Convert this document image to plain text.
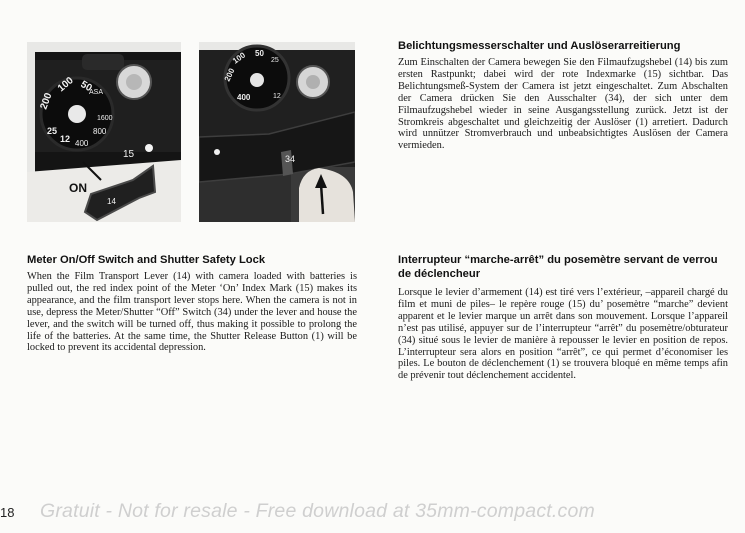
50
100
200
25
12
ASA
400
800
1600
15
14
ON
50
100
200
400
25
12
34
Belichtungsmesserschalter und Auslöserarreitierung

Zum Einschalten der Camera bewegen Sie den Filmaufzugshebel (14) bis zum ersten Rastpunkt; dabei wird der rote Indexmarke (15) sichtbar. Das Belichtungsmeß-System der Camera ist jetzt eingeschaltet. Zum Abschalten der Camera drücken Sie den Ausschalter (34), der sich unter dem Filmaufzugshebel wieder in seine Ausgangsstellung zurück. Jetzt ist der Stromkreis abgeschaltet und gleichzeitig der Auslöser (1) arretiert. Dadurch wird unnützer Stromverbrauch und unbeabsichtigtes Auslösen der Camera vermieden.

Meter On/Off Switch and Shutter Safety Lock

When the Film Transport Lever (14) with camera loaded with batteries is pulled out, the red index point of the Meter ‘On’ Index Mark (15) makes its appearance, and the film transport lever stops here. When the camera is not in use, depress the Meter/Shutter “Off” Switch (34) under the lever and house the lever, and the switch will be turned off, thus making it possible to prolong the life of the batteries. At the same time, the Shutter Release Button (1) will be locked to prevent its accidental depression.

Interrupteur “marche-arrêt” du posemètre servant de verrou de déclencheur

Lorsque le levier d’armement (14) est tiré vers l’extérieur, –appareil chargé du film et muni de piles– le repère rouge (15) du’ posemètre “marche” devient apparent et le levier marque un arrêt dans son mouvement. Lorsque l’appareil n’est pas utilisé, appuyer sur de l’interrupteur “arrêt” du posemètre/obturateur (34) situé sous le levier de manière à repousser le levier en position de repos. L’interrupteur sera alors en position “arrêt”, ce qui permet d’économiser les piles. Le bouton de déclenchement (1) se trouvera bloqué en même temps afin de prévenir tout déclenchement accidentel.

18 Gratuit - Not for resale - Free download at 35mm-compact.com
